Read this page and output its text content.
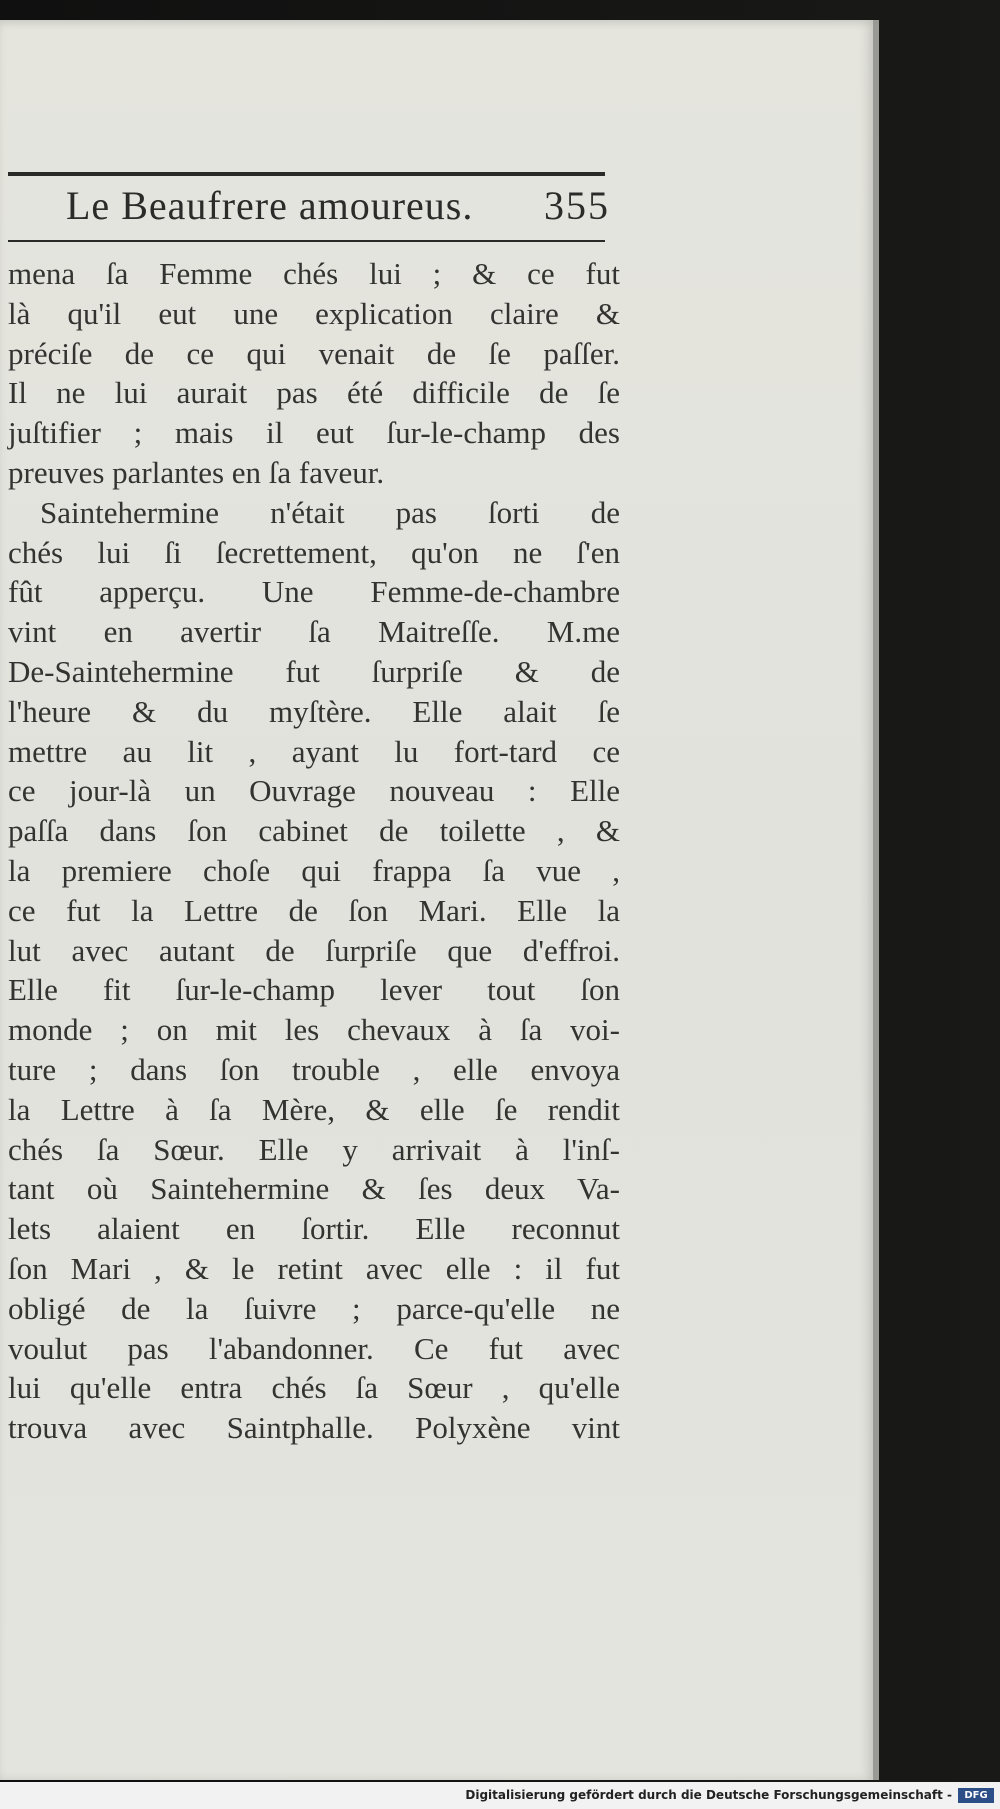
Le Beaufrere amoureus. 355
mena ſa Femme chés lui ; & ce fut
là qu'il eut une explication claire &
préciſe de ce qui venait de ſe paſſer.
Il ne lui aurait pas été difficile de ſe
juſtifier ; mais il eut ſur-le-champ des
preuves parlantes en ſa faveur.
Saintehermine n'était pas ſorti de
chés lui ſi ſecrettement, qu'on ne ſ'en
fût apperçu. Une Femme-de-chambre
vint en avertir ſa Maitreſſe. M.me
De-Saintehermine fut ſurpriſe & de
l'heure & du myſtère. Elle alait ſe
mettre au lit , ayant lu fort-tard ce
ce jour-là un Ouvrage nouveau : Elle
paſſa dans ſon cabinet de toilette , &
la premiere choſe qui frappa ſa vue ,
ce fut la Lettre de ſon Mari. Elle la
lut avec autant de ſurpriſe que d'effroi.
Elle fit ſur-le-champ lever tout ſon
monde ; on mit les chevaux à ſa voi-
ture ; dans ſon trouble , elle envoya
la Lettre à ſa Mère, & elle ſe rendit
chés ſa Sœur. Elle y arrivait à l'inſ-
tant où Saintehermine & ſes deux Va-
lets alaient en ſortir. Elle reconnut
ſon Mari , & le retint avec elle : il fut
obligé de la ſuivre ; parce-qu'elle ne
voulut pas l'abandonner. Ce fut avec
lui qu'elle entra chés ſa Sœur , qu'elle
trouva avec Saintphalle. Polyxène vint
Digitalisierung gefördert durch die Deutsche Forschungsgemeinschaft -	DFG
